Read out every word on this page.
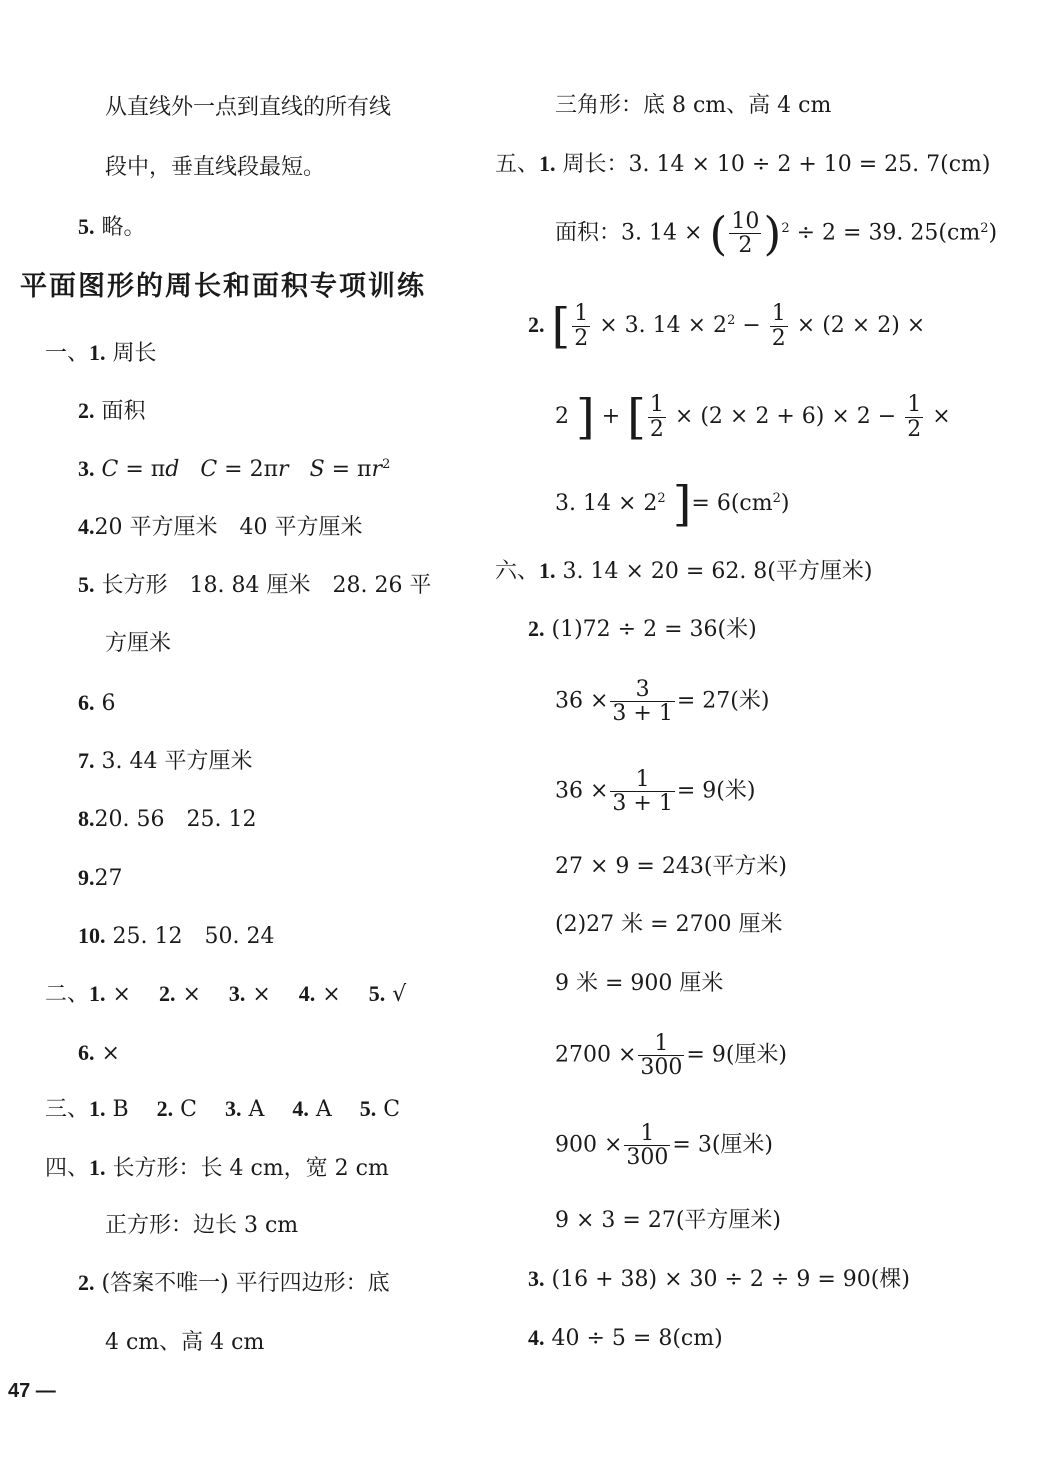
从直线外一点到直线的所有线
段中，垂直线段最短。
5. 略。
平面图形的周长和面积专项训练
一、1. 周长
2. 面积
3. C = πd C = 2πr $S = \pi r^2$
4.20 平方厘米　40 平方厘米
5. 长方形　18. 84 厘米　28. 26 平
方厘米
6. 6
7. 3. 44 平方厘米
8.20. 56　25. 12
9.27
10. 25. 12　50. 24
二、1. × 2. × 3. × 4. × 5. √
6. ×
三、1. B 2. C 3. A 4. A 5. C
四、1. 长方形：长 4 cm，宽 2 cm
正方形：边长 3 cm
2. (答案不唯一) 平行四边形：底
4 cm、高 4 cm
47 —
三角形：底 8 cm、高 4 cm
五、1. 周长：3. 14 × 10 ÷ 2 + 10 = 25. 7(cm)
面积：3. 14 × ( $\frac{10}{2} )^2 \div 2 = 39$. $25(cm^2)$
2. [ $\frac{1}{2} \times 3$. $14 \times 2^2 - \frac{1}{2} \times (2 \times 2)$ ×
2 ] + [ $\frac{1}{2} \times (2 \times 2 + 6) \times 2 - \frac{1}{2}$ ×
3. $14 \times 2^2$ ]= $6(cm^2)$
六、1. 3. 14 × 20 = 62. 8(平方厘米)
2. (1)72 ÷ 2 = 36(米)
$36 \times \frac{3}{3 + 1} = 27$(米)
$36 \times \frac{1}{3 + 1} = 9$(米)
27 × 9 = 243(平方米)
(2)27 米 = 2700 厘米
9 米 = 900 厘米
$2700 \times \frac{1}{300} = 9$(厘米)
$900 \times \frac{1}{300} = 3$(厘米)
9 × 3 = 27(平方厘米)
3. (16 + 38) × 30 ÷ 2 ÷ 9 = 90(棵)
4. 40 ÷ 5 = 8(cm)
